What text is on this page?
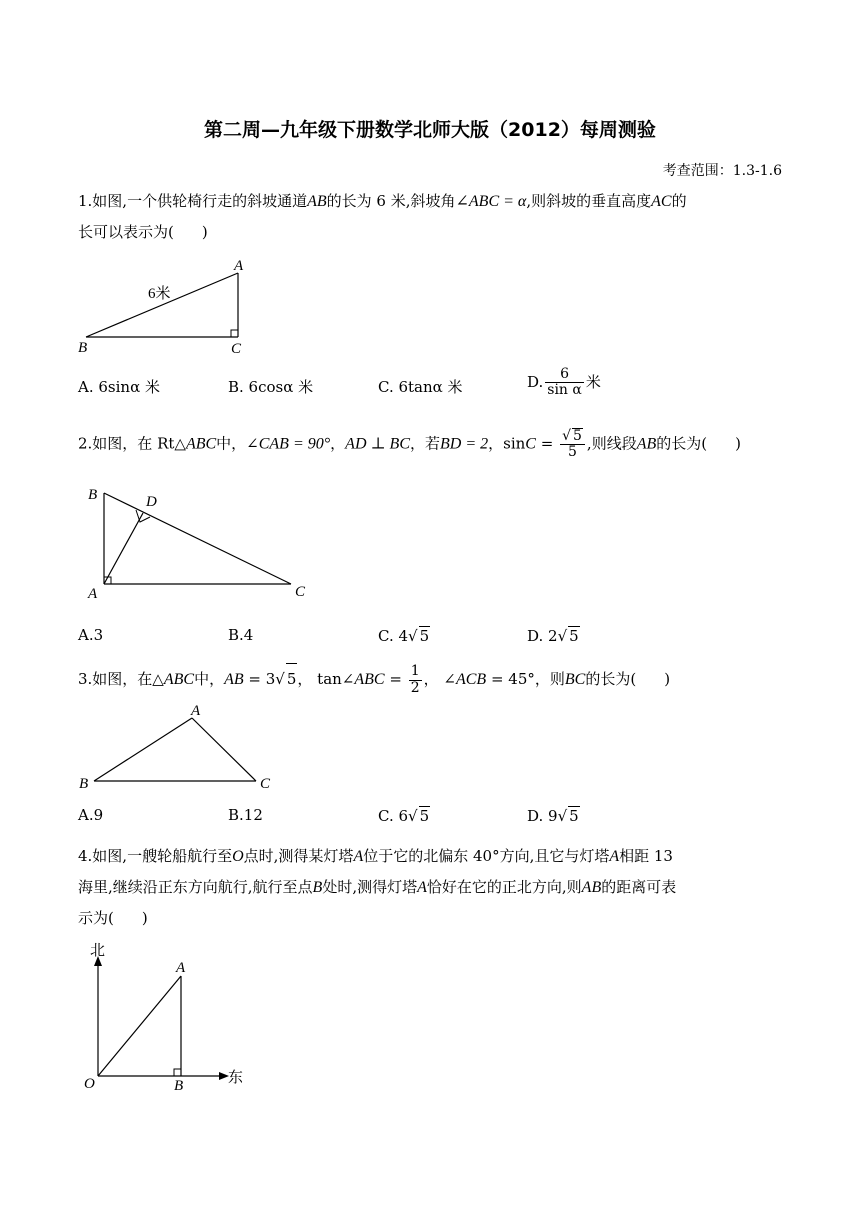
第二周—九年级下册数学北师大版（2012）每周测验
考查范围：1.3-1.6
1.如图,一个供轮椅行走的斜坡通道AB的长为 6 米,斜坡角∠ABC = α,则斜坡的垂直高度AC的
长可以表示为( )
6米
A
B	C
A. 6sinα 米	B. 6cosα 米	C. 6tanα 米	D. $\frac{6}{\text{sin α}}$ 米
2.如图，在 Rt△ABC中，∠CAB = 90°，AD ⊥ BC，若BD = 2，$\sin C = \frac{√ 5}{5}$ ,则线段AB的长为( )
B	D
A	C
A.3	B.4	C. 4√ 5	D. 2√ 5
3.如图，在△ABC中，AB = 3√ 5， tan∠ABC = $\frac{1}{2}$ ， ∠ACB = 45°，则BC的长为( )
A
B	C
A.9	B.12	C. 6√ 5	D. 9√ 5
4.如图,一艘轮船航行至O点时,测得某灯塔A位于它的北偏东 40°方向,且它与灯塔A相距 13
海里,继续沿正东方向航行,航行至点B处时,测得灯塔A恰好在它的正北方向,则AB的距离可表
示为( )
北
东
O
A
B
